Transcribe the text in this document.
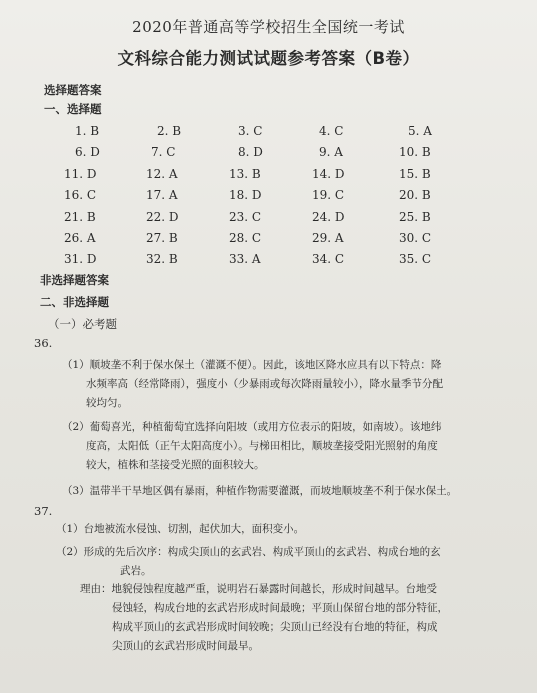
2020年普通高等学校招生全国统一考试
文科综合能力测试试题参考答案（B卷）
选择题答案
一、选择题
1. B	2. B	3. C	4. C	5. A
6. D	7. C	8. D	9. A	10. B
11. D	12. A	13. B	14. D	15. B
16. C	17. A	18. D	19. C	20. B
21. B	22. D	23. C	24. D	25. B
26. A	27. B	28. C	29. A	30. C
31. D	32. B	33. A	34. C	35. C
非选择题答案
二、非选择题
（一）必考题
36.
（1）顺坡垄不利于保水保土（灌溉不便）。因此，该地区降水应具有以下特点：降
水频率高（经常降雨），强度小（少暴雨或每次降雨量较小），降水量季节分配
较均匀。
（2）葡萄喜光，种植葡萄宜选择向阳坡（或用方位表示的阳坡，如南坡）。该地纬
度高，太阳低（正午太阳高度小）。与梯田相比，顺坡垄接受阳光照射的角度
较大，植株和茎接受光照的面积较大。
（3）温带半干旱地区偶有暴雨，种植作物需要灌溉，而坡地顺坡垄不利于保水保土。
37.
（1）台地被流水侵蚀、切割，起伏加大，面积变小。
（2）形成的先后次序：构成尖顶山的玄武岩、构成平顶山的玄武岩、构成台地的玄
武岩。
理由：地貌侵蚀程度越严重，说明岩石暴露时间越长，形成时间越早。台地受
侵蚀轻，构成台地的玄武岩形成时间最晚；平顶山保留台地的部分特征，
构成平顶山的玄武岩形成时间较晚；尖顶山已经没有台地的特征，构成
尖顶山的玄武岩形成时间最早。
